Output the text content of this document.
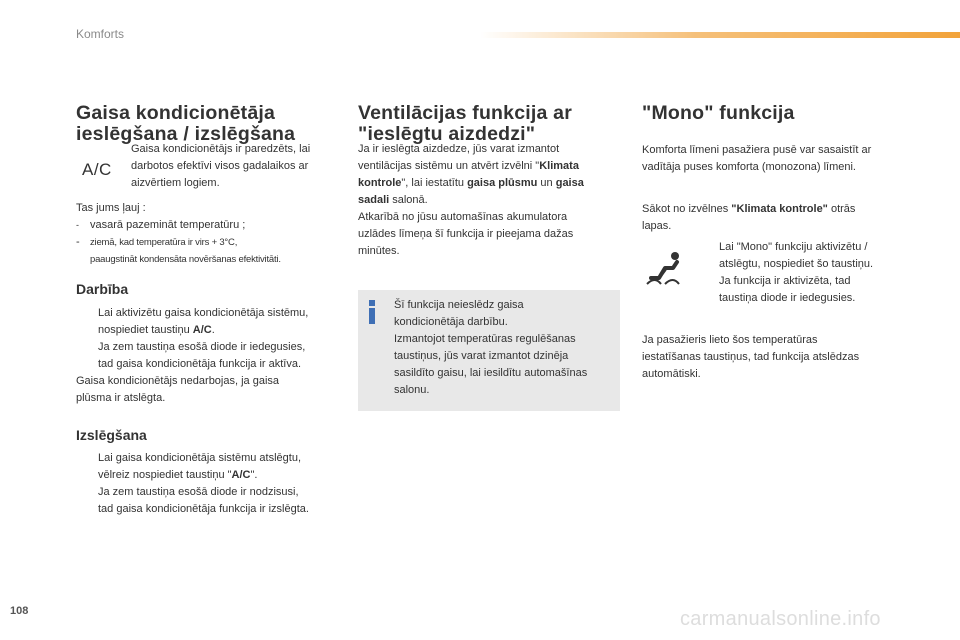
Komforts
Gaisa kondicionētāja
ieslēgšana / izslēgšana
A/C

Gaisa kondicionētājs ir paredzēts, lai

darbotos efektīvi visos gadalaikos ar

aizvērtiem logiem.

Tas jums ļauj :

- vasarā pazemināt temperatūru ;
- ziemā, kad temperatūra ir virs + 3°C,

paaugstināt kondensāta novēršanas efektivitāti.

Darbība

Lai aktivizētu gaisa kondicionētāja sistēmu,

nospiediet taustiņu A/C.

Ja zem taustiņa esošā diode ir iedegusies,

tad gaisa kondicionētāja funkcija ir aktīva.

Gaisa kondicionētājs nedarbojas, ja gaisa

plūsma ir atslēgta.

Izslēgšana

Lai gaisa kondicionētāja sistēmu atslēgtu,

vēlreiz nospiediet taustiņu "A/C".

Ja zem taustiņa esošā diode ir nodzisusi,

tad gaisa kondicionētāja funkcija ir izslēgta.

Ventilācijas funkcija ar
"ieslēgtu aizdedzi"

Ja ir ieslēgta aizdedze, jūs varat izmantot

ventilācijas sistēmu un atvērt izvēlni "Klimata

kontrole", lai iestatītu gaisa plūsmu un gaisa

sadali salonā.

Atkarībā no jūsu automašīnas akumulatora

uzlādes līmeņa šī funkcija ir pieejama dažas

minūtes.

Šī funkcija neieslēdz gaisa

kondicionētāja darbību.

Izmantojot temperatūras regulēšanas

taustiņus, jūs varat izmantot dzinēja

sasildīto gaisu, lai iesildītu automašīnas

salonu.

"Mono" funkcija

Komforta līmeni pasažiera pusē var sasaistīt ar

vadītāja puses komforta (monozona) līmeni.

Sākot no izvēlnes "Klimata kontrole" otrās

lapas.

Lai "Mono" funkciju aktivizētu /

atslēgtu, nospiediet šo taustiņu.

Ja funkcija ir aktivizēta, tad

taustiņa diode ir iedegusies.

Ja pasažieris lieto šos temperatūras

iestatīšanas taustiņus, tad funkcija atslēdzas

automātiski.

108	carmanualsonline.info
